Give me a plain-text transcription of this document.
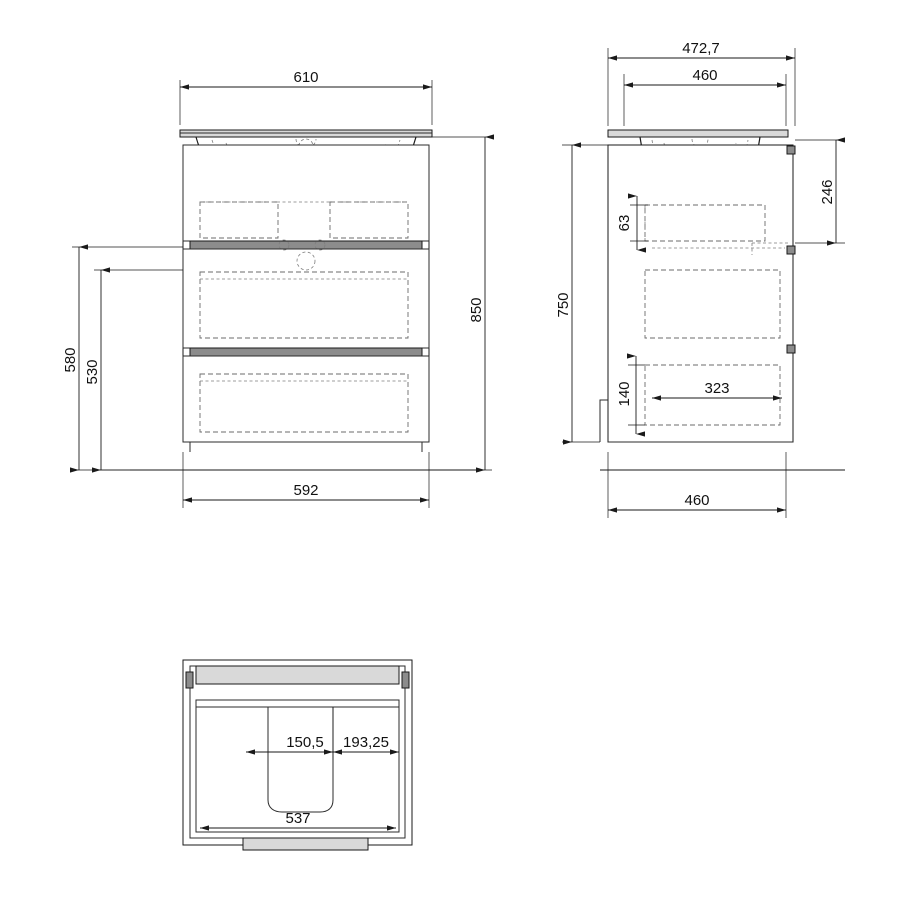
610
850
580 530
592
472,7
460
246
63
750
140	323
460
150,5 193,25
537
